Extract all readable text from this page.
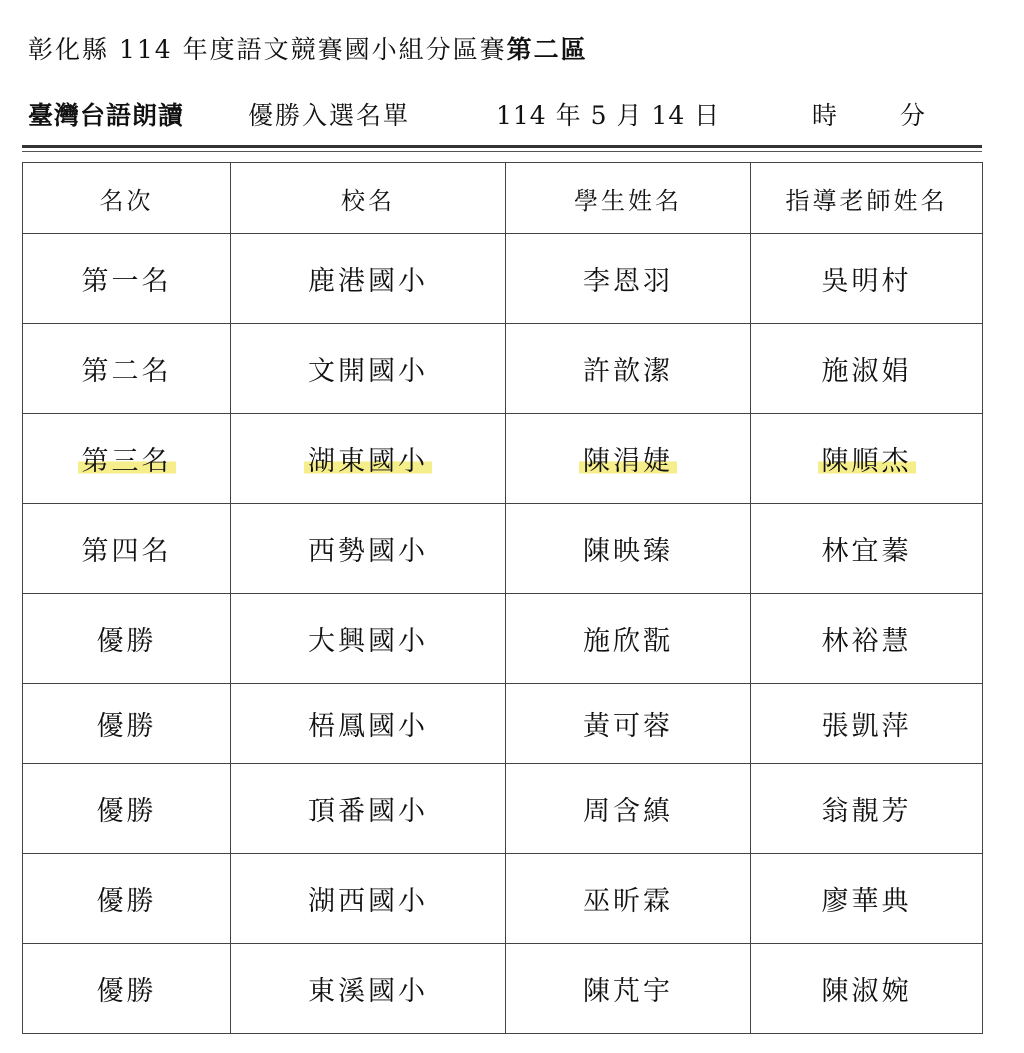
彰化縣 114 年度語文競賽國小組分區賽第二區
臺灣台語朗讀	優勝入選名單	114 年 5 月 14 日	時	分
名次	校名	學生姓名	指導老師姓名
第一名	鹿港國小	李恩羽	吳明村
第二名	文開國小	許歆潔	施淑娟
第三名	湖東國小	陳涓婕	陳順杰
第四名	西勢國小	陳映臻	林宜蓁
優勝	大興國小	施欣翫	林裕慧
優勝	梧鳳國小	黃可蓉	張凱萍
優勝	頂番國小	周含縝	翁靚芳
優勝	湖西國小	巫昕霖	廖華典
優勝	東溪國小	陳芃宇	陳淑婉
